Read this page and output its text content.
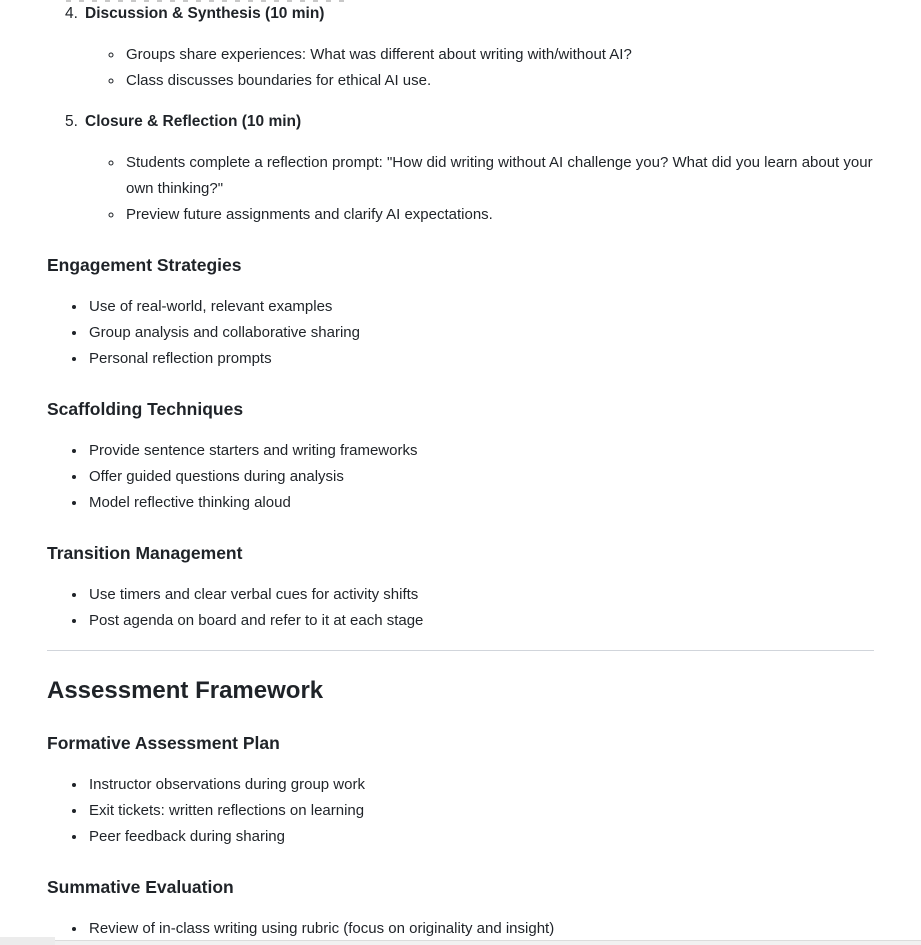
4. Discussion & Synthesis (10 min)

◦ Groups share experiences: What was different about writing with/without AI?
◦ Class discusses boundaries for ethical AI use.

5. Closure & Reflection (10 min)

◦ Students complete a reflection prompt: "How did writing without AI challenge you? What did you learn about your own thinking?"
◦ Preview future assignments and clarify AI expectations.
Engagement Strategies
• Use of real-world, relevant examples
• Group analysis and collaborative sharing
• Personal reflection prompts
Scaffolding Techniques
• Provide sentence starters and writing frameworks
• Offer guided questions during analysis
• Model reflective thinking aloud
Transition Management
• Use timers and clear verbal cues for activity shifts
• Post agenda on board and refer to it at each stage
Assessment Framework
Formative Assessment Plan
• Instructor observations during group work
• Exit tickets: written reflections on learning
• Peer feedback during sharing
Summative Evaluation
• Review of in-class writing using rubric (focus on originality and insight)
